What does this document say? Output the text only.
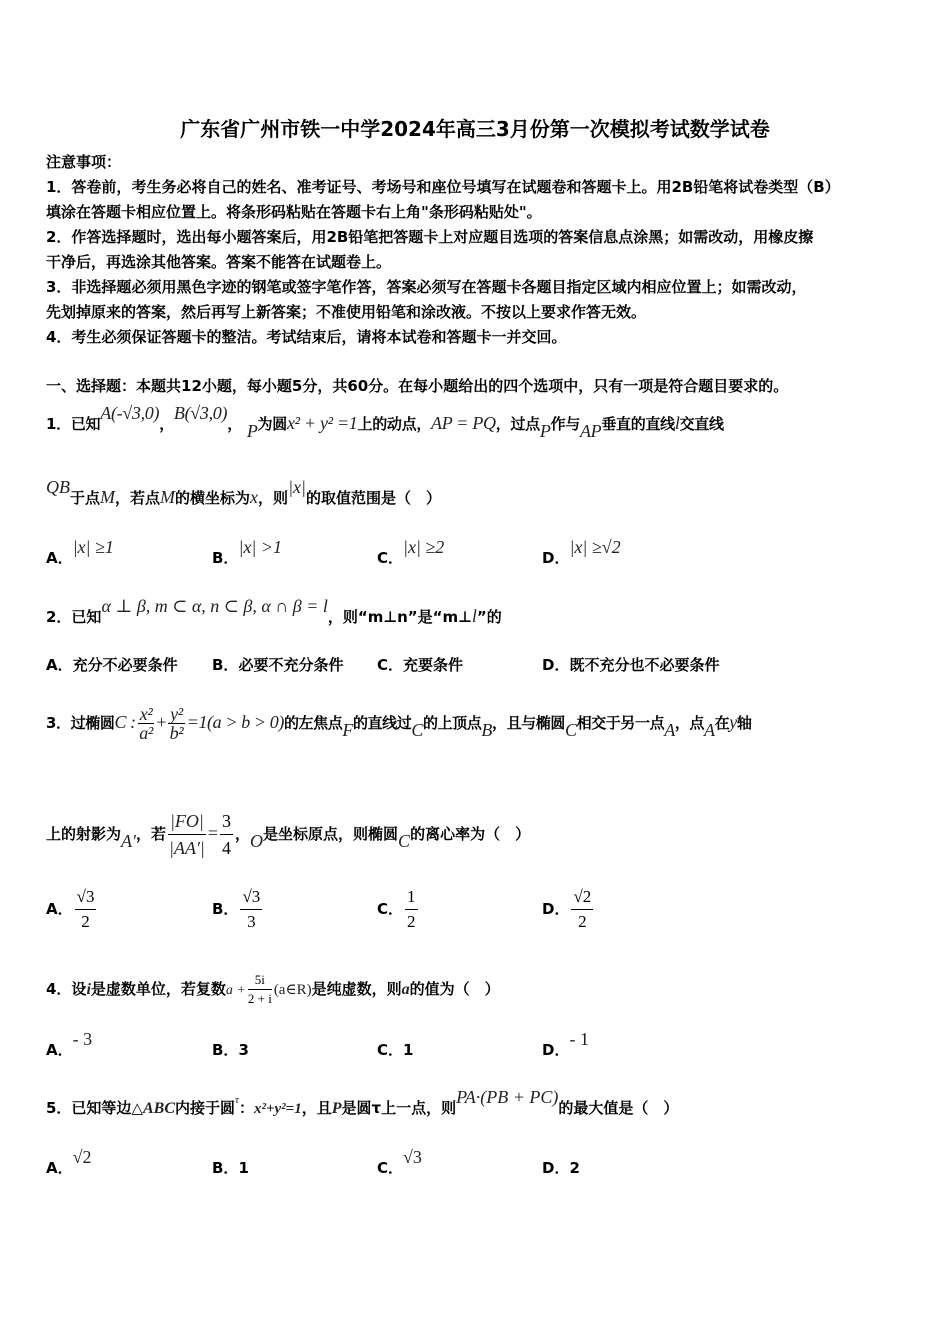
广东省广州市铁一中学2024年高三3月份第一次模拟考试数学试卷
注意事项：
1．答卷前，考生务必将自己的姓名、准考证号、考场号和座位号填写在试题卷和答题卡上。用2B铅笔将试卷类型（B）
填涂在答题卡相应位置上。将条形码粘贴在答题卡右上角"条形码粘贴处"。
2．作答选择题时，选出每小题答案后，用2B铅笔把答题卡上对应题目选项的答案信息点涂黑；如需改动，用橡皮擦
干净后，再选涂其他答案。答案不能答在试题卷上。
3．非选择题必须用黑色字迹的钢笔或签字笔作答，答案必须写在答题卡各题目指定区域内相应位置上；如需改动，
先划掉原来的答案，然后再写上新答案；不准使用铅笔和涂改液。不按以上要求作答无效。
4．考生必须保证答题卡的整洁。考试结束后，请将本试卷和答题卡一并交回。
一、选择题：本题共12小题，每小题5分，共60分。在每小题给出的四个选项中，只有一项是符合题目要求的。
1．已知A(-√3,0)，B(√3,0)， P为圆x² + y² =1上的动点，AP = PQ，过点P作与AP垂直的直线l交直线
QB于点M，若点M的横坐标为x，则|x|的取值范围是（　）
A．|x| ≥1
B．|x| >1
C．|x| ≥2
D．|x| ≥√2
2．已知α ⊥ β, m ⊂ α, n ⊂ β, α ∩ β = l，则“m⊥n”是“m⊥l”的
A．充分不必要条件 B．必要不充分条件 C．充要条件	D．既不充分也不必要条件
3．过椭圆C : $\frac{\text{x²}}{\text{a²}} + \frac{\text{y²}}{\text{b²}} =1(a > b > 0)$的左焦点F的直线过C的上顶点B，且与椭圆C相交于另一点A，点A在y轴
上的射影为A′，若 $\frac{|FO|}{|AA'|} = \frac{3}{4}$ ，O是坐标原点，则椭圆C的离心率为（　）
A． $\frac{√3}{2}$	B． $\frac{√3}{3}$	C． $\frac{1}{2}$	D． $\frac{√2}{2}$
4．设i是虚数单位，若复数$a + \frac{5i}{2 + i}$ (a∈R)是纯虚数，则a的值为（　）
A．- 3
B．3	C．1	D．- 1
5．已知等边△ABC内接于圆$^\tau$：x²+y²=1，且P是圆τ上一点，则PA·(PB + PC)的最大值是（　）
A．√2
B．1	C．√3
D．2
